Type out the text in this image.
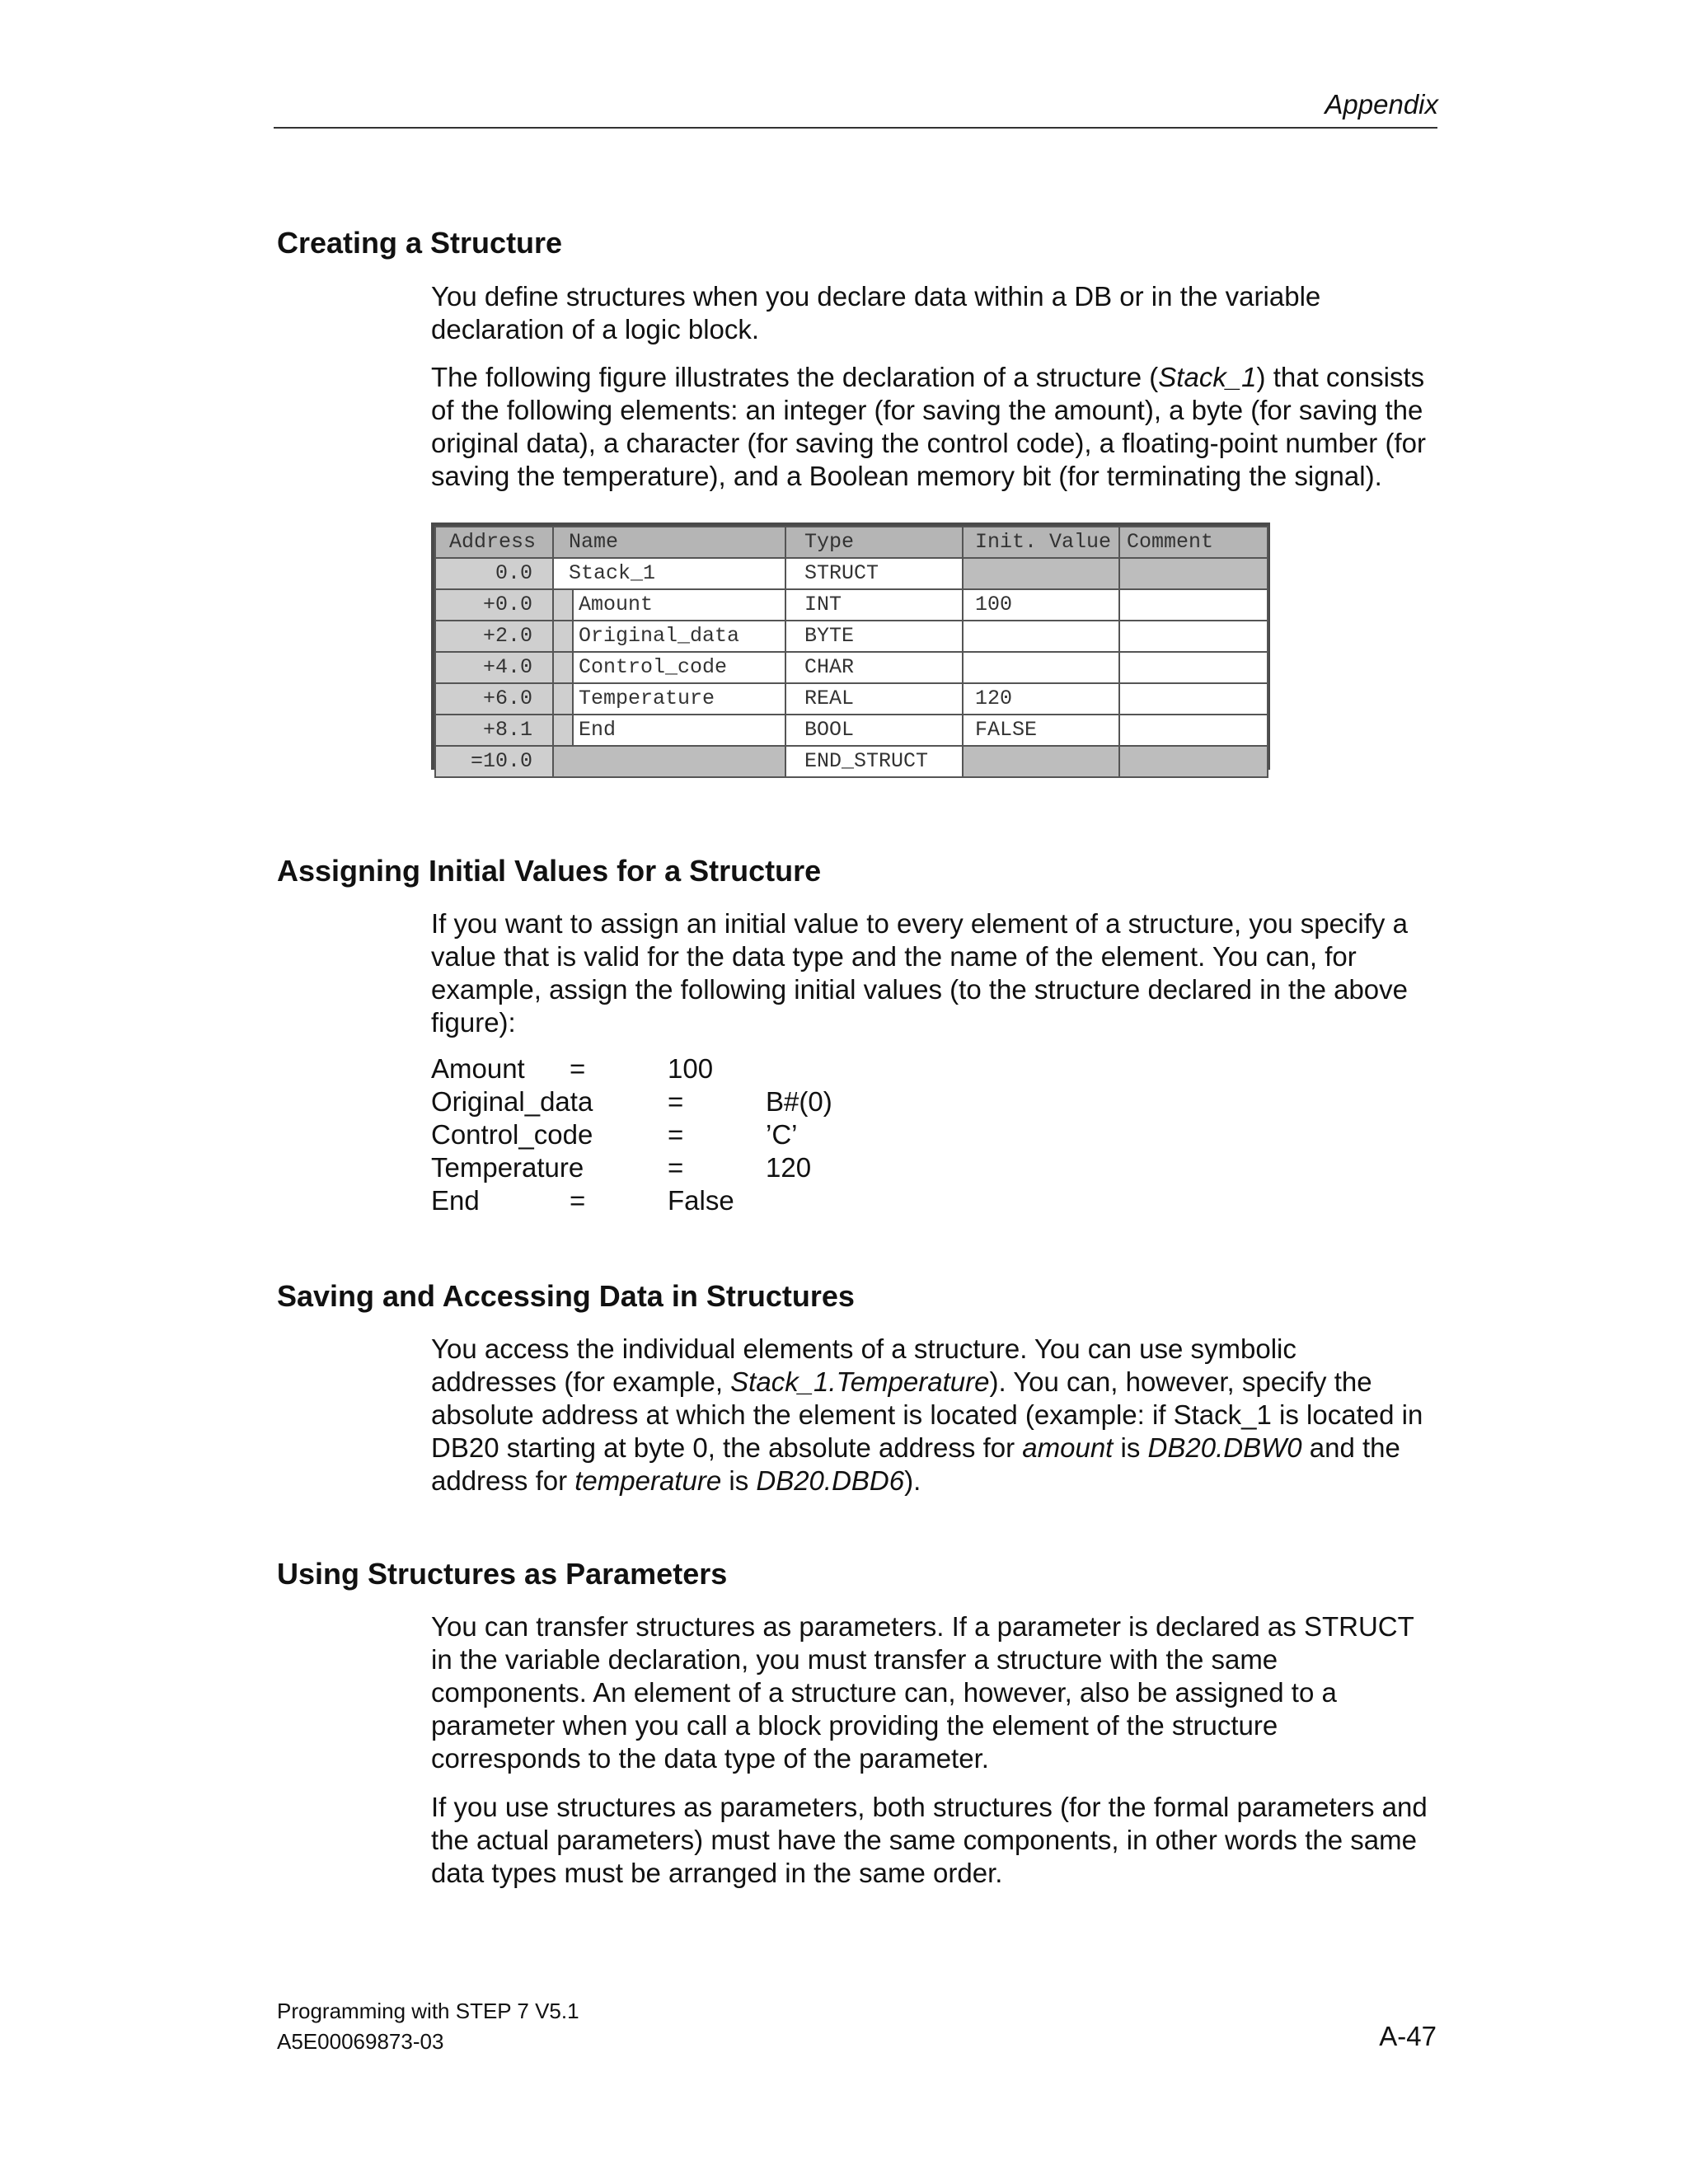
Appendix
Creating a Structure

You define structures when you declare data within a DB or in the variable
declaration of a logic block.

The following figure illustrates the declaration of a structure (Stack_1) that consists
of the following elements: an integer (for saving the amount), a byte (for saving the
original data), a character (for saving the control code), a floating-point number (for
saving the temperature), and a Boolean memory bit (for terminating the signal).

Address	Name		Type	Init. Value	Comment
0.0	Stack_1		STRUCT		
+0.0		Amount	INT	100	
+2.0		Original_data	BYTE		
+4.0		Control_code	CHAR		
+6.0		Temperature	REAL	120	
+8.1		End	BOOL	FALSE	
=10.0			END_STRUCT		
Assigning Initial Values for a Structure

If you want to assign an initial value to every element of a structure, you specify a
value that is valid for the data type and the name of the element. You can, for
example, assign the following initial values (to the structure declared in the above
figure):

Amount =	100
Original_data	=	B#(0)
Control_code	=	’C’
Temperature	=	120
End	=	False
Saving and Accessing Data in Structures

You access the individual elements of a structure. You can use symbolic
addresses (for example, Stack_1.Temperature). You can, however, specify the
absolute address at which the element is located (example: if Stack_1 is located in
DB20 starting at byte 0, the absolute address for amount is DB20.DBW0 and the
address for temperature is DB20.DBD6).

Using Structures as Parameters

You can transfer structures as parameters. If a parameter is declared as STRUCT
in the variable declaration, you must transfer a structure with the same
components. An element of a structure can, however, also be assigned to a
parameter when you call a block providing the element of the structure
corresponds to the data type of the parameter.

If you use structures as parameters, both structures (for the formal parameters and
the actual parameters) must have the same components, in other words the same
data types must be arranged in the same order.

Programming with STEP 7 V5.1
A5E00069873-03	A-47
